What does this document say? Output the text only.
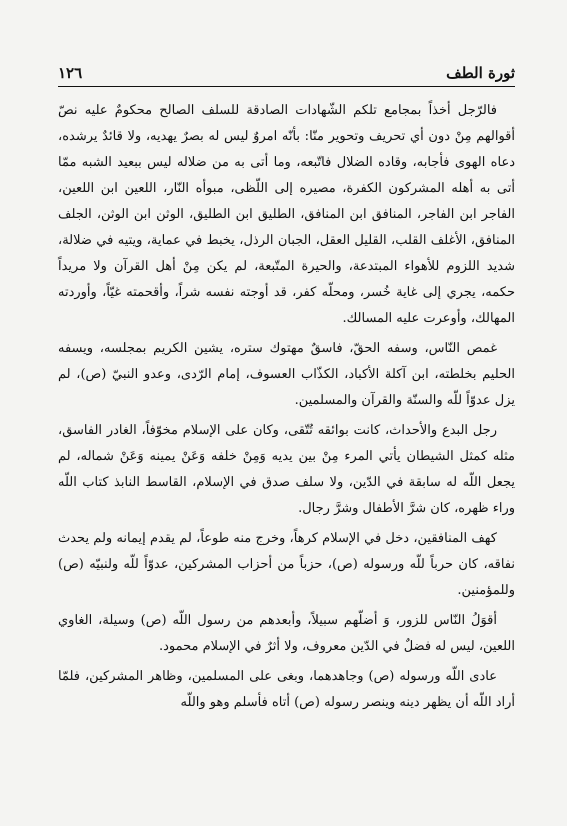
ثورة الطف
١٢٦

فالرّجل أخذاً بمجامع تلكم الشّهادات الصادقة للسلف الصالح محكومٌ عليه نصّ أقوالهم مِنْ دون أي تحريف وتحوير منّا: بأنّه امروٌ ليس له بصرٌ يهديه، ولا قائدٌ يرشده، دعاه الهوى فأجابه، وقاده الضلال فاتّبعه، وما أتى به من ضلاله ليس ببعيد الشبه ممّا أتى به أهله المشركون الكفرة، مصيره إلى اللّظى، مبوأه النّار، اللعين ابن اللعين، الفاجر ابن الفاجر، المنافق ابن المنافق، الطليق ابن الطليق، الوثن ابن الوثن، الجلف المنافق، الأغلف القلب، القليل العقل، الجبان الرذل، يخبط في عماية، ويتيه في ضلالة، شديد اللزوم للأهواء المبتدعة، والحيرة المتّبعة، لم يكن مِنْ أهل القرآن ولا مريداً حكمه، يجري إلى غاية خُسر، ومحلّه كفر، قد أوجته نفسه شراً، وأقحمته غيّاً، وأوردته المهالك، وأوعرت عليه المسالك.

غمص النّاس، وسفه الحقّ، فاسقٌ مهتوك ستره، يشين الكريم بمجلسه، ويسفه الحليم بخلطته، ابن آكلة الأكباد، الكذّاب العسوف، إمام الرّدى، وعدو النبيّ (ص)، لم يزل عدوّاً للّه والسنّة والقرآن والمسلمين.

رجل البدع والأحداث، كانت بوائقه تُتّقى، وكان على الإسلام مخوّفاً، الغادر الفاسق، مثله كمثل الشيطان يأتي المرء مِنْ بين يديه وَمِنْ خلفه وَعَنْ يمينه وَعَنْ شماله، لم يجعل اللّه له سابقة في الدّين، ولا سلف صدق في الإسلام، القاسط النابذ كتاب اللّه وراء ظهره، كان شرَّ الأطفال وشرَّ رجال.

كهف المنافقين، دخل في الإسلام كرهاً، وخرج منه طوعاً، لم يقدم إيمانه ولم يحدث نفاقه، كان حرباً للّه ورسوله (ص)، حزباً من أحزاب المشركين، عدوّاً للّه ولنبيّه (ص) وللمؤمنين.

أقوَلُ النّاس للزور، وَ أضلّهم سبيلاً، وأبعدهم من رسول اللّه (ص) وسيلة، الغاوي اللعين، ليس له فضلٌ في الدّين معروف، ولا أثرٌ في الإسلام محمود.

عادى اللّه ورسوله (ص) وجاهدهما، وبغى على المسلمين، وظاهر المشركين، فلمّا أراد اللّه أن يظهر دينه وينصر رسوله (ص) أتاه فأسلم وهو واللّه
